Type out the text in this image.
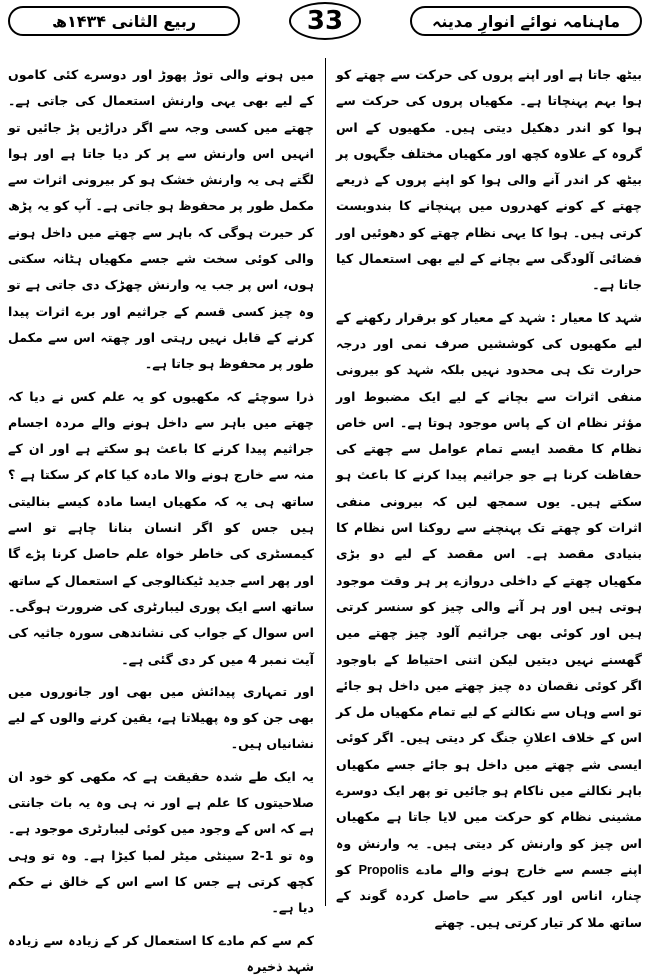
ماہنامہ نوائے انوارِ مدینہ
33
ربیع الثانی ۱۴۳۴ھ

بیٹھ جاتا ہے اور اپنے پروں کی حرکت سے چھتے کو ہوا بہم پہنچاتا ہے۔ مکھیاں پروں کی حرکت سے ہوا کو اندر دھکیل دیتی ہیں۔ مکھیوں کے اس گروہ کے علاوہ کچھ اور مکھیاں مختلف جگہوں پر بیٹھ کر اندر آنے والی ہوا کو اپنے پروں کے ذریعے چھتے کے کونے کھدروں میں پہنچانے کا بندوبست کرتی ہیں۔ ہوا کا یہی نظام چھتے کو دھوئیں اور فضائی آلودگی سے بچانے کے لیے بھی استعمال کیا جاتا ہے۔

شہد کا معیار : شہد کے معیار کو برقرار رکھنے کے لیے مکھیوں کی کوششیں صرف نمی اور درجہ حرارت تک ہی محدود نہیں بلکہ شہد کو بیرونی منفی اثرات سے بچانے کے لیے ایک مضبوط اور مؤثر نظام ان کے پاس موجود ہوتا ہے۔ اس خاص نظام کا مقصد ایسے تمام عوامل سے چھتے کی حفاظت کرنا ہے جو جراثیم پیدا کرنے کا باعث ہو سکتے ہیں۔ یوں سمجھ لیں کہ بیرونی منفی اثرات کو چھتے تک پہنچنے سے روکنا اس نظام کا بنیادی مقصد ہے۔ اس مقصد کے لیے دو بڑی مکھیاں چھتے کے داخلی دروازے پر ہر وقت موجود ہوتی ہیں اور ہر آنے والی چیز کو سنسر کرتی ہیں اور کوئی بھی جراثیم آلود چیز چھتے میں گھسنے نہیں دیتیں لیکن اتنی احتیاط کے باوجود اگر کوئی نقصان دہ چیز چھتے میں داخل ہو جائے تو اسے وہاں سے نکالنے کے لیے تمام مکھیاں مل کر اس کے خلاف اعلانِ جنگ کر دیتی ہیں۔ اگر کوئی ایسی شے چھتے میں داخل ہو جائے جسے مکھیاں باہر نکالنے میں ناکام ہو جائیں تو پھر ایک دوسرے مشینی نظام کو حرکت میں لایا جاتا ہے مکھیاں اس چیز کو وارنش کر دیتی ہیں۔ یہ وارنش وہ اپنے جسم سے خارج ہونے والے مادے Propolis کو چنار، اناس اور کیکر سے حاصل کردہ گوند کے ساتھ ملا کر تیار کرتی ہیں۔ چھتے

میں ہونے والی توڑ پھوڑ اور دوسرے کئی کاموں کے لیے بھی یہی وارنش استعمال کی جاتی ہے۔ چھتے میں کسی وجہ سے اگر دراڑیں پڑ جائیں تو انہیں اس وارنش سے پر کر دیا جاتا ہے اور ہوا لگتے ہی یہ وارنش خشک ہو کر بیرونی اثرات سے مکمل طور پر محفوظ ہو جاتی ہے۔ آپ کو یہ پڑھ کر حیرت ہوگی کہ باہر سے چھتے میں داخل ہونے والی کوئی سخت شے جسے مکھیاں ہٹانہ سکتی ہوں، اس پر جب یہ وارنش چھڑک دی جاتی ہے تو وہ چیز کسی قسم کے جراثیم اور برے اثرات پیدا کرنے کے قابل نہیں رہتی اور چھتہ اس سے مکمل طور پر محفوظ ہو جاتا ہے۔

ذرا سوچئے کہ مکھیوں کو یہ علم کس نے دیا کہ چھتے میں باہر سے داخل ہونے والے مردہ اجسام جراثیم پیدا کرنے کا باعث ہو سکتے ہے اور ان کے منہ سے خارج ہونے والا مادہ کیا کام کر سکتا ہے ؟ ساتھ ہی یہ کہ مکھیاں ایسا مادہ کیسے بنالیتی ہیں جس کو اگر انسان بنانا چاہے تو اسے کیمسٹری کی خاطر خواہ علم حاصل کرنا پڑے گا اور پھر اسے جدید ٹیکنالوجی کے استعمال کے ساتھ ساتھ اسے ایک پوری لیبارٹری کی ضرورت ہوگی۔ اس سوال کے جواب کی نشاندھی سورہ جاثیہ کی آیت نمبر 4 میں کر دی گئی ہے۔

اور تمہاری پیدائش میں بھی اور جانوروں میں بھی جن کو وہ پھیلاتا ہے، یقین کرنے والوں کے لیے نشانیاں ہیں۔

یہ ایک طے شدہ حقیقت ہے کہ مکھی کو خود ان صلاحیتوں کا علم ہے اور نہ ہی وہ یہ بات جانتی ہے کہ اس کے وجود میں کوئی لیبارٹری موجود ہے۔ وہ تو 1-2 سینٹی میٹر لمبا کیڑا ہے۔ وہ تو وہی کچھ کرتی ہے جس کا اسے اس کے خالق نے حکم دیا ہے۔

کم سے کم مادے کا استعمال کر کے زیادہ سے زیادہ شہد ذخیرہ
